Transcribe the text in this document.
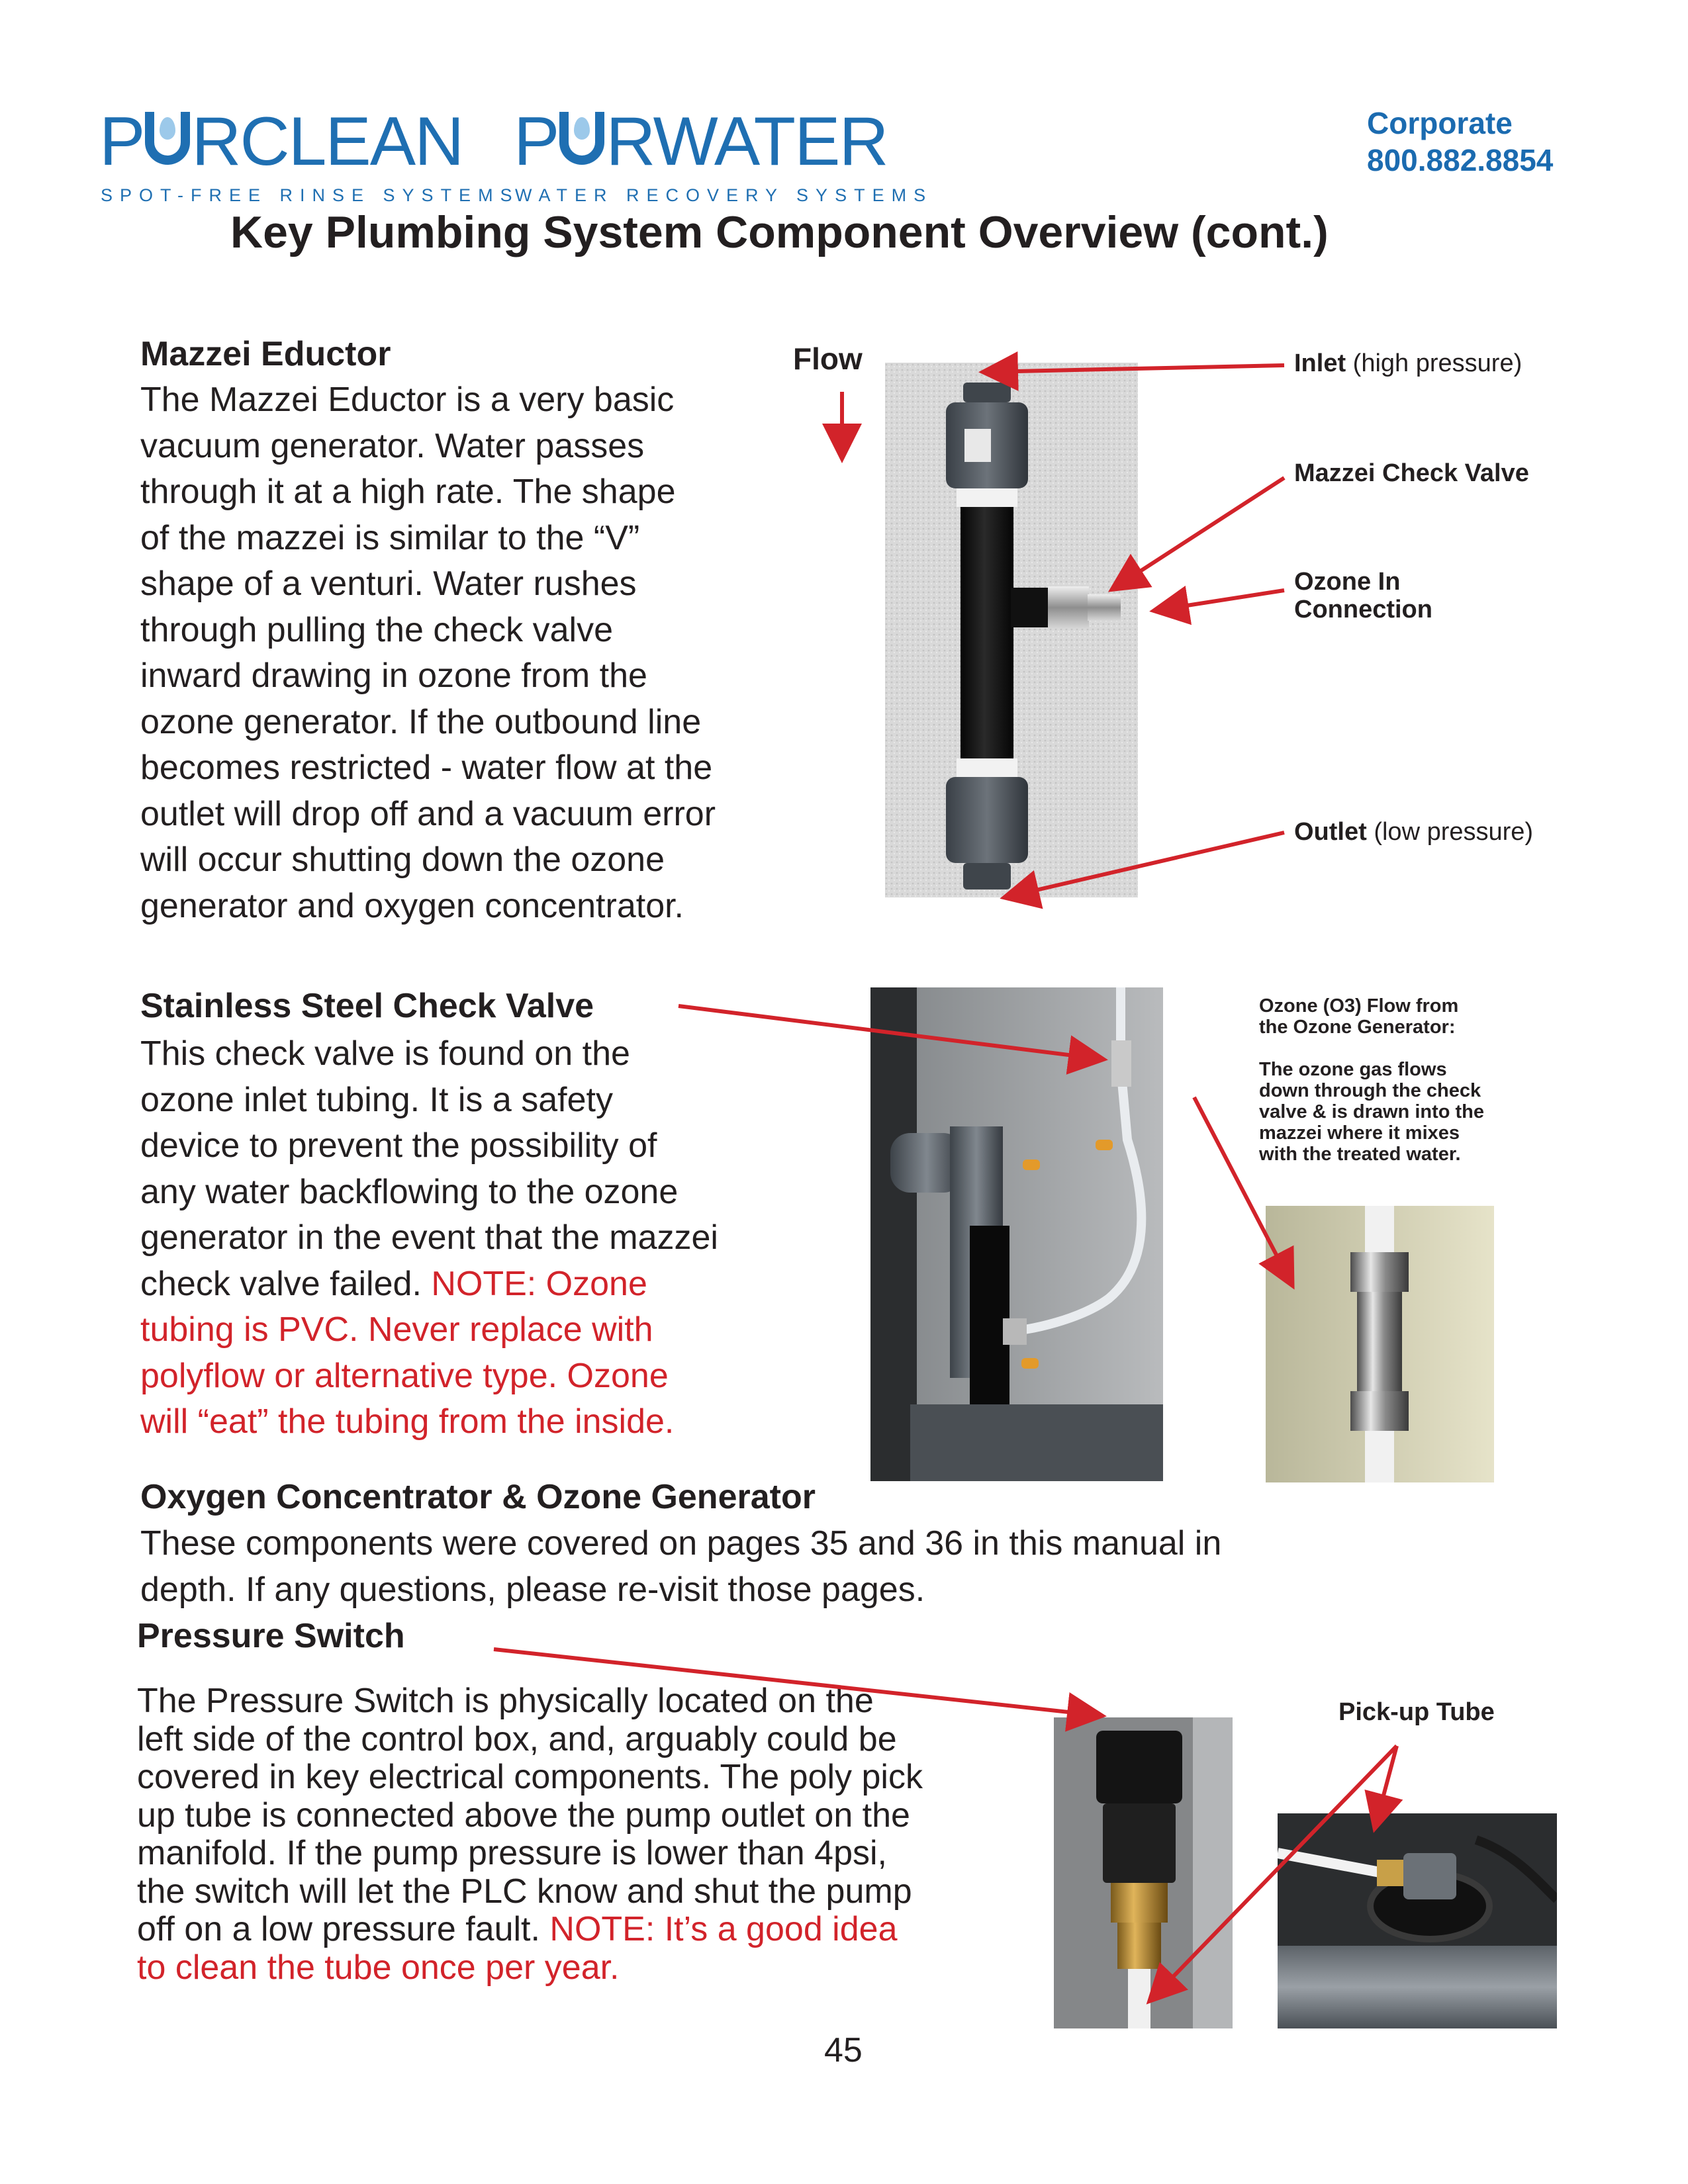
P RCLEAN
SPOT-FREE RINSE SYSTEMS
P RWATER
WATER RECOVERY SYSTEMS
Corporate
800.882.8854
Key Plumbing System Component Overview (cont.)
Mazzei Eductor
The Mazzei Eductor is a very basic
vacuum generator. Water passes
through it at a high rate. The shape
of the mazzei is similar to the “V”
shape of a venturi. Water rushes
through pulling the check valve
inward drawing in ozone from the
ozone generator. If the outbound line
becomes restricted - water flow at the
outlet will drop off and a vacuum error
will occur shutting down the ozone
generator and oxygen concentrator.
Flow	Inlet (high pressure)
Mazzei Check Valve
Ozone In
Connection
Outlet (low pressure)
Stainless Steel Check Valve
This check valve is found on the
ozone inlet tubing. It is a safety
device to prevent the possibility of
any water backflowing to the ozone
generator in the event that the mazzei
check valve failed. NOTE: Ozone
tubing is PVC. Never replace with
polyflow or alternative type. Ozone
will “eat” the tubing from the inside.
Ozone (O3) Flow from
the Ozone Generator:
The ozone gas flows
down through the check
valve & is drawn into the
mazzei where it mixes
with the treated water.
Oxygen Concentrator & Ozone Generator
These components were covered on pages 35 and 36 in this manual in
depth. If any questions, please re-visit those pages.
Pressure Switch
The Pressure Switch is physically located on the
left side of the control box, and, arguably could be
covered in key electrical components. The poly pick
up tube is connected above the pump outlet on the
manifold. If the pump pressure is lower than 4psi,
the switch will let the PLC know and shut the pump
off on a low pressure fault. NOTE: It’s a good idea
to clean the tube once per year.
Pick-up Tube
45
